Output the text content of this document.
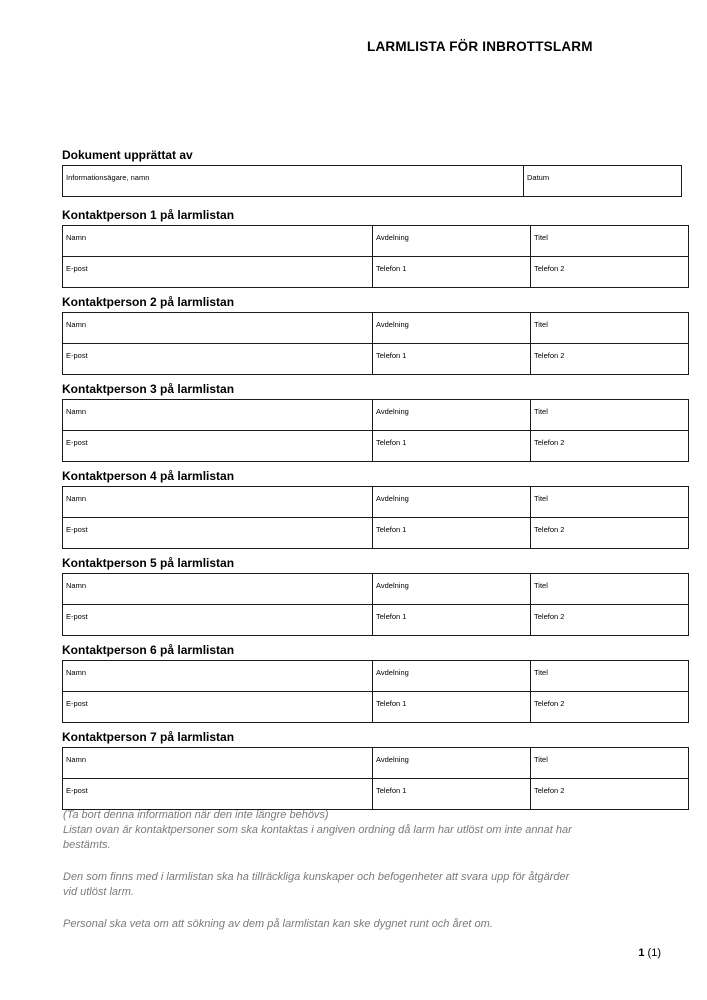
LARMLISTA FÖR INBROTTSLARM
Dokument upprättat av
Informationsägare, namn	Datum
Kontaktperson 1 på larmlistan
Namn	Avdelning	Titel
E-post	Telefon 1	Telefon 2
Kontaktperson 2 på larmlistan
Namn	Avdelning	Titel
E-post	Telefon 1	Telefon 2
Kontaktperson 3 på larmlistan
Namn	Avdelning	Titel
E-post	Telefon 1	Telefon 2
Kontaktperson 4 på larmlistan
Namn	Avdelning	Titel
E-post	Telefon 1	Telefon 2
Kontaktperson 5 på larmlistan
Namn	Avdelning	Titel
E-post	Telefon 1	Telefon 2
Kontaktperson 6 på larmlistan
Namn	Avdelning	Titel
E-post	Telefon 1	Telefon 2
Kontaktperson 7 på larmlistan
Namn	Avdelning	Titel
E-post	Telefon 1	Telefon 2

(Ta bort denna information när den inte längre behövs)

Listan ovan är kontaktpersoner som ska kontaktas i angiven ordning då larm har utlöst om inte annat har bestämts.

Den som finns med i larmlistan ska ha tillräckliga kunskaper och befogenheter att svara upp för åtgärder vid utlöst larm.

Personal ska veta om att sökning av dem på larmlistan kan ske dygnet runt och året om.

1 (1)
